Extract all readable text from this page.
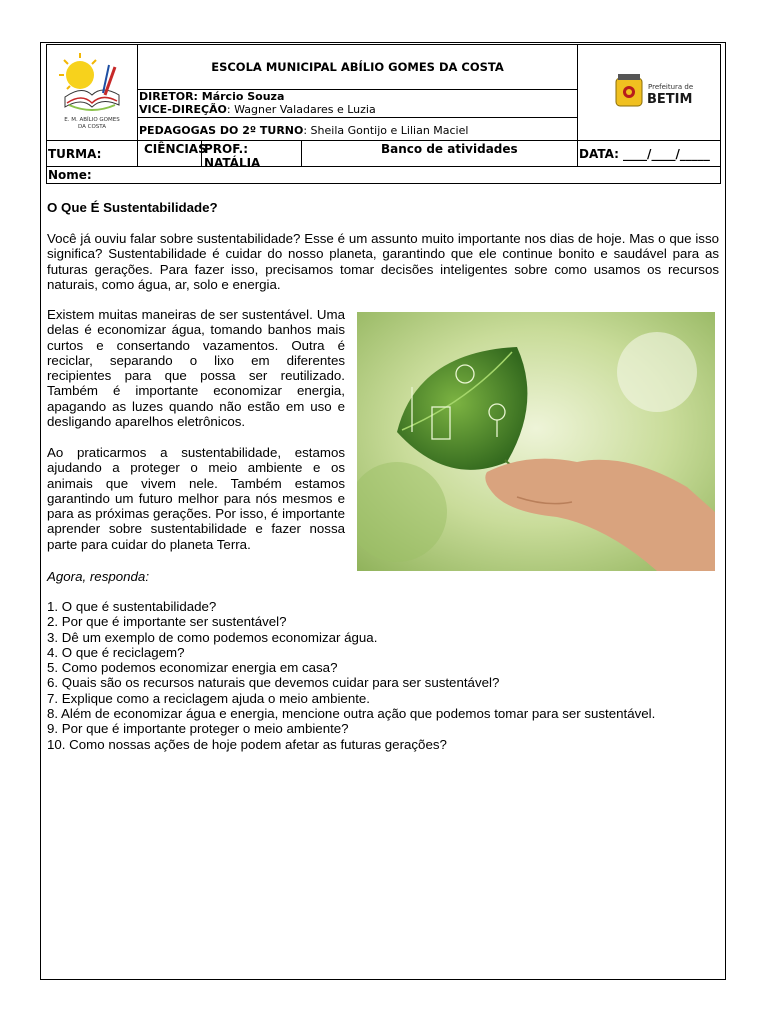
E. M. ABÍLIO GOMES
DA COSTA
ESCOLA MUNICIPAL ABÍLIO GOMES DA COSTA
Prefeitura de
BETIM
DIRETOR: Márcio Souza
VICE-DIREÇÃO: Wagner Valadares e Luzia
PEDAGOGAS DO 2º TURNO: Sheila Gontijo e Lilian Maciel
TURMA:	CIÊNCIAS
PROF.: NATÁLIA
Banco de atividades	DATA: ____/____/_____
Nome:
O Que É Sustentabilidade?
Você já ouviu falar sobre sustentabilidade? Esse é um assunto muito importante nos dias de hoje. Mas o que isso significa? Sustentabilidade é cuidar do nosso planeta, garantindo que ele continue bonito e saudável para as futuras gerações. Para fazer isso, precisamos tomar decisões inteligentes sobre como usamos os recursos naturais, como água, ar, solo e energia.
Existem muitas maneiras de ser sustentável. Uma delas é economizar água, tomando banhos mais curtos e consertando vazamentos. Outra é reciclar, separando o lixo em diferentes recipientes para que possa ser reutilizado. Também é importante economizar energia, apagando as luzes quando não estão em uso e desligando aparelhos eletrônicos.
Ao praticarmos a sustentabilidade, estamos ajudando a proteger o meio ambiente e os animais que vivem nele. Também estamos garantindo um futuro melhor para nós mesmos e para as próximas gerações. Por isso, é importante aprender sobre sustentabilidade e fazer nossa parte para cuidar do planeta Terra.
Agora, responda:
1. O que é sustentabilidade?
2. Por que é importante ser sustentável?
3. Dê um exemplo de como podemos economizar água.
4. O que é reciclagem?
5. Como podemos economizar energia em casa?
6. Quais são os recursos naturais que devemos cuidar para ser sustentável?
7. Explique como a reciclagem ajuda o meio ambiente.
8. Além de economizar água e energia, mencione outra ação que podemos tomar para ser sustentável.
9. Por que é importante proteger o meio ambiente?
10. Como nossas ações de hoje podem afetar as futuras gerações?
